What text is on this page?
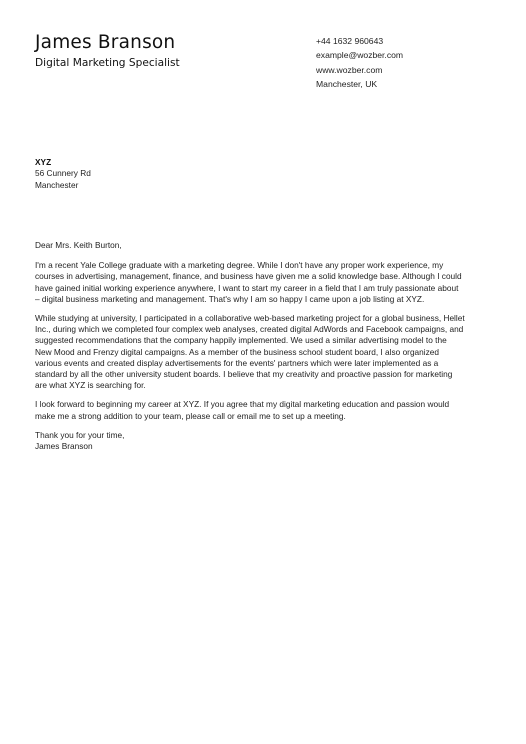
James Branson
Digital Marketing Specialist
+44 1632 960643
example@wozber.com
www.wozber.com
Manchester, UK
XYZ
56 Cunnery Rd
Manchester

Dear Mrs. Keith Burton,

I'm a recent Yale College graduate with a marketing degree. While I don't have any proper work experience, my courses in advertising, management, finance, and business have given me a solid knowledge base. Although I could have gained initial working experience anywhere, I want to start my career in a field that I am truly passionate about – digital business marketing and management. That's why I am so happy I came upon a job listing at XYZ.

While studying at university, I participated in a collaborative web-based marketing project for a global business, Hellet Inc., during which we completed four complex web analyses, created digital AdWords and Facebook campaigns, and suggested recommendations that the company happily implemented. We used a similar advertising model to the New Mood and Frenzy digital campaigns. As a member of the business school student board, I also organized various events and created display advertisements for the events' partners which were later implemented as a standard by all the other university student boards. I believe that my creativity and proactive passion for marketing are what XYZ is searching for.

I look forward to beginning my career at XYZ. If you agree that my digital marketing education and passion would make me a strong addition to your team, please call or email me to set up a meeting.

Thank you for your time,
James Branson
